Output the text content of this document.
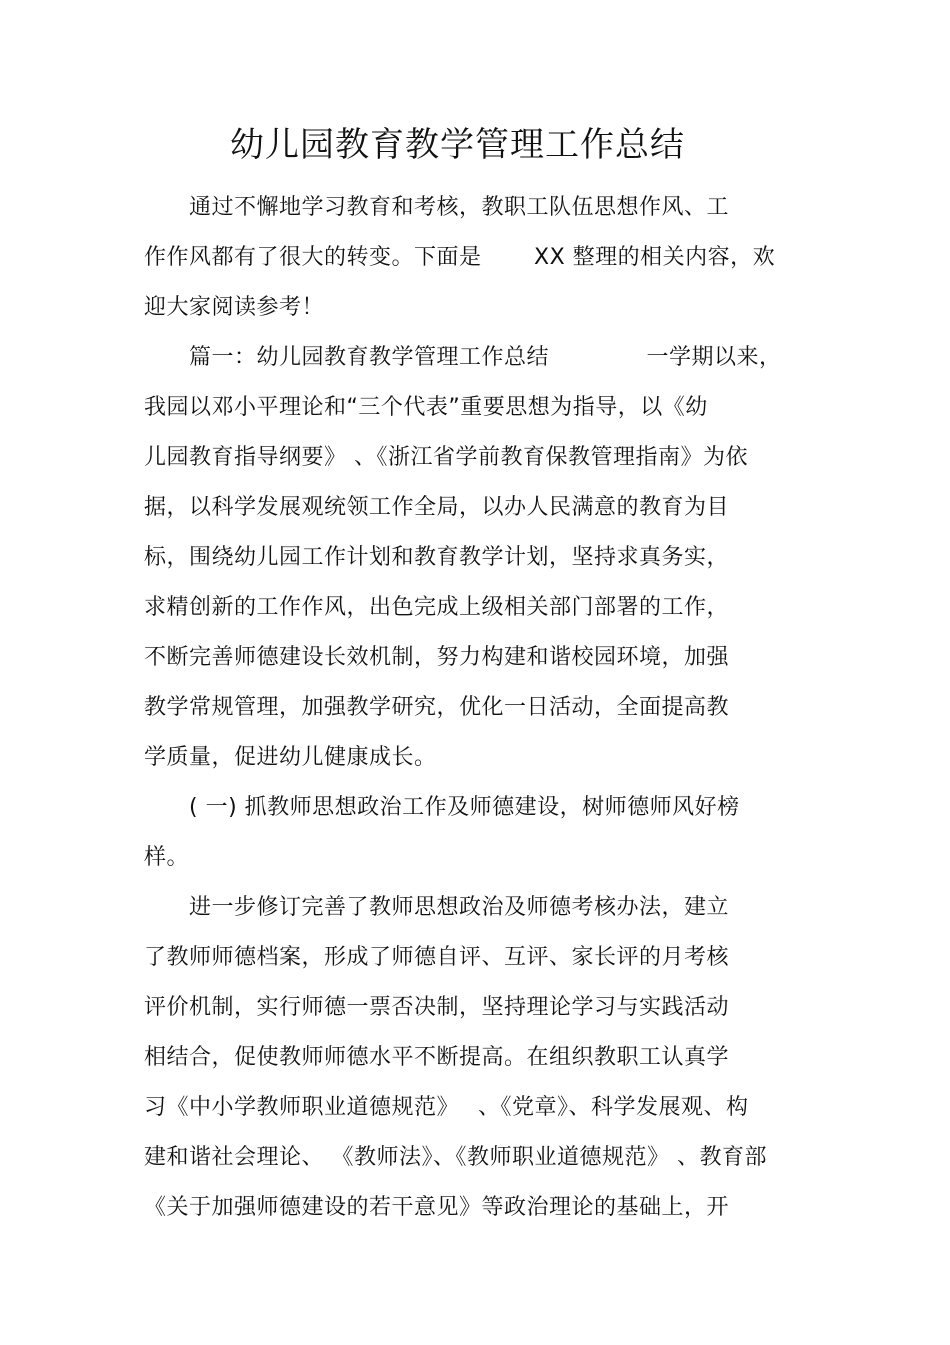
幼儿园教育教学管理工作总结
　　通过不懈地学习教育和考核，教职工队伍思想作风、工
作作风都有了很大的转变。下面是　　 XX 整理的相关内容，欢
迎大家阅读参考！
　　篇一：幼儿园教育教学管理工作总结　　　　 一学期以来，
我园以邓小平理论和“三个代表”重要思想为指导，以《幼
儿园教育指导纲要》 、《浙江省学前教育保教管理指南》为依
据，以科学发展观统领工作全局，以办人民满意的教育为目
标，围绕幼儿园工作计划和教育教学计划，坚持求真务实，
求精创新的工作作风，出色完成上级相关部门部署的工作，
不断完善师德建设长效机制，努力构建和谐校园环境，加强
教学常规管理，加强教学研究，优化一日活动，全面提高教
学质量，促进幼儿健康成长。
　　( 一) 抓教师思想政治工作及师德建设，树师德师风好榜
样。
　　进一步修订完善了教师思想政治及师德考核办法，建立
了教师师德档案，形成了师德自评、互评、家长评的月考核
评价机制，实行师德一票否决制，坚持理论学习与实践活动
相结合，促使教师师德水平不断提高。在组织教职工认真学
习《中小学教师职业道德规范》　 、《党章》、科学发展观、构
建和谐社会理论、 《教师法》、《教师职业道德规范》 、教育部
《关于加强师德建设的若干意见》等政治理论的基础上，开
